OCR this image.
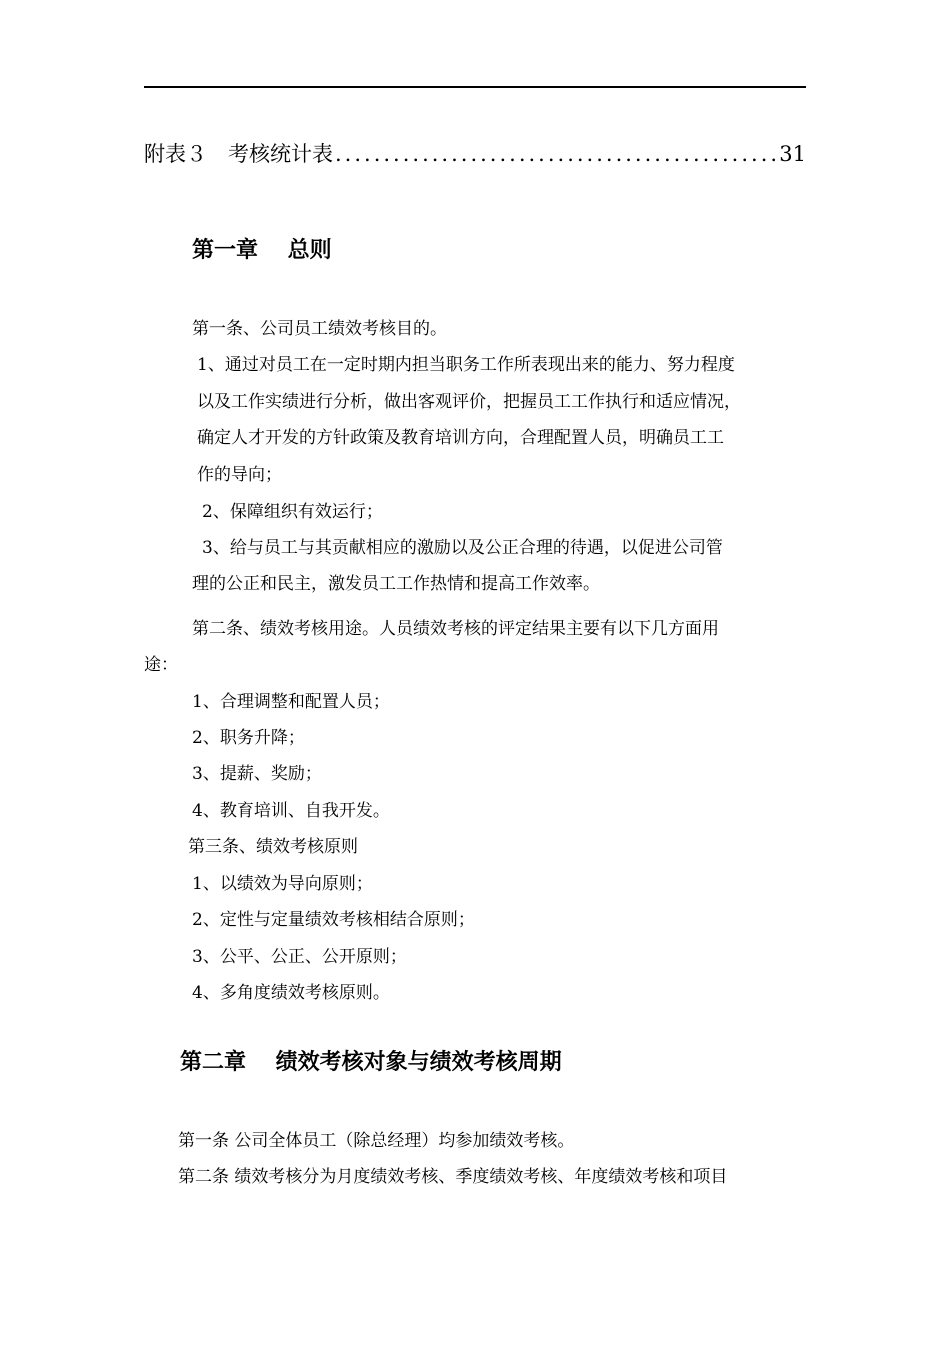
附表３　考核统计表
.....	31
第一章　 总则
第一条、公司员工绩效考核目的。
1、通过对员工在一定时期内担当职务工作所表现出来的能力、努力程度
以及工作实绩进行分析，做出客观评价，把握员工工作执行和适应情况，
确定人才开发的方针政策及教育培训方向，合理配置人员，明确员工工
作的导向；
2、保障组织有效运行；
3、给与员工与其贡献相应的激励以及公正合理的待遇，以促进公司管
理的公正和民主，激发员工工作热情和提高工作效率。
第二条、绩效考核用途。人员绩效考核的评定结果主要有以下几方面用
途：
1、合理调整和配置人员；
2、职务升降；
3、提薪、奖励；
4、教育培训、自我开发。
第三条、绩效考核原则
1、以绩效为导向原则；
2、定性与定量绩效考核相结合原则；
3、公平、公正、公开原则；
4、多角度绩效考核原则。
第二章　 绩效考核对象与绩效考核周期
第一条 公司全体员工（除总经理）均参加绩效考核。
第二条 绩效考核分为月度绩效考核、季度绩效考核、年度绩效考核和项目
